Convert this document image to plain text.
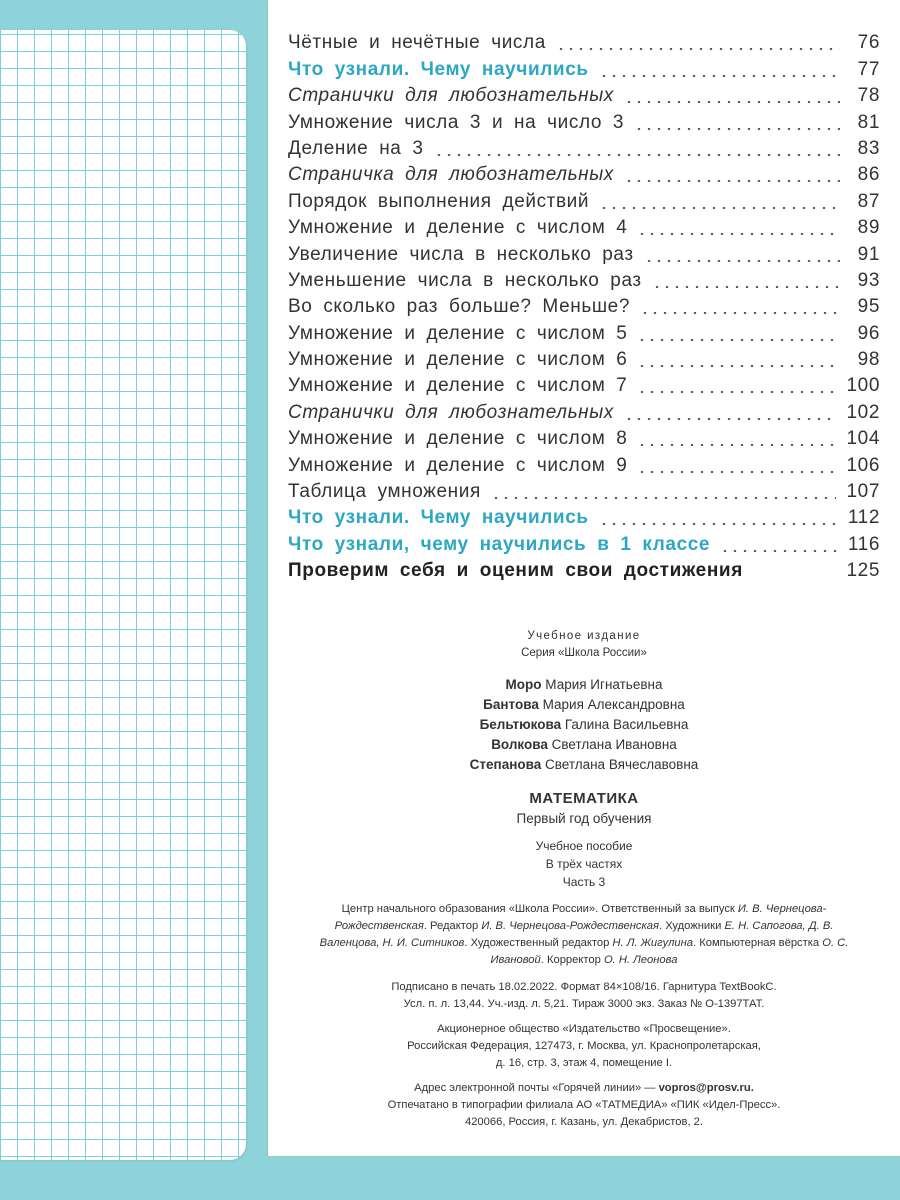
Чётные и нечётные числа	76
Что узнали. Чему научились	77
Странички для любознательных	78
Умножение числа 3 и на число 3	81
Деление на 3	83
Страничка для любознательных	86
Порядок выполнения действий	87
Умножение и деление с числом 4	89
Увеличение числа в несколько раз	91
Уменьшение числа в несколько раз	93
Во сколько раз больше? Меньше?	95
Умножение и деление с числом 5	96
Умножение и деление с числом 6	98
Умножение и деление с числом 7	100
Странички для любознательных	102
Умножение и деление с числом 8	104
Умножение и деление с числом 9	106
Таблица умножения	107
Что узнали. Чему научились	112
Что узнали, чему научились в 1 классе	116
Проверим себя и оценим свои достижения	125
Учебное издание
Серия «Школа России»
Моро Мария Игнатьевна
Бантова Мария Александровна
Бельтюкова Галина Васильевна
Волкова Светлана Ивановна
Степанова Светлана Вячеславовна
МАТЕМАТИКА
Первый год обучения
Учебное пособие
В трёх частях
Часть 3
Центр начального образования «Школа России». Ответственный за выпуск И. В. Чернецова-Рождественская. Редактор И. В. Чернецова-Рождественская. Художники Е. Н. Сапогова, Д. В. Валенцова, Н. И. Ситников. Художественный редактор Н. Л. Жигулина. Компьютерная вёрстка О. С. Ивановой. Корректор О. Н. Леонова
Подписано в печать 18.02.2022. Формат 84×108/16. Гарнитура TextBookC.
Усл. п. л. 13,44. Уч.-изд. л. 5,21. Тираж 3000 экз. Заказ № О-1397ТАТ.
Акционерное общество «Издательство «Просвещение».
Российская Федерация, 127473, г. Москва, ул. Краснопролетарская,
д. 16, стр. 3, этаж 4, помещение I.
Адрес электронной почты «Горячей линии» — vopros@prosv.ru.
Отпечатано в типографии филиала АО «ТАТМЕДИА» «ПИК «Идел-Пресс».
420066, Россия, г. Казань, ул. Декабристов, 2.
